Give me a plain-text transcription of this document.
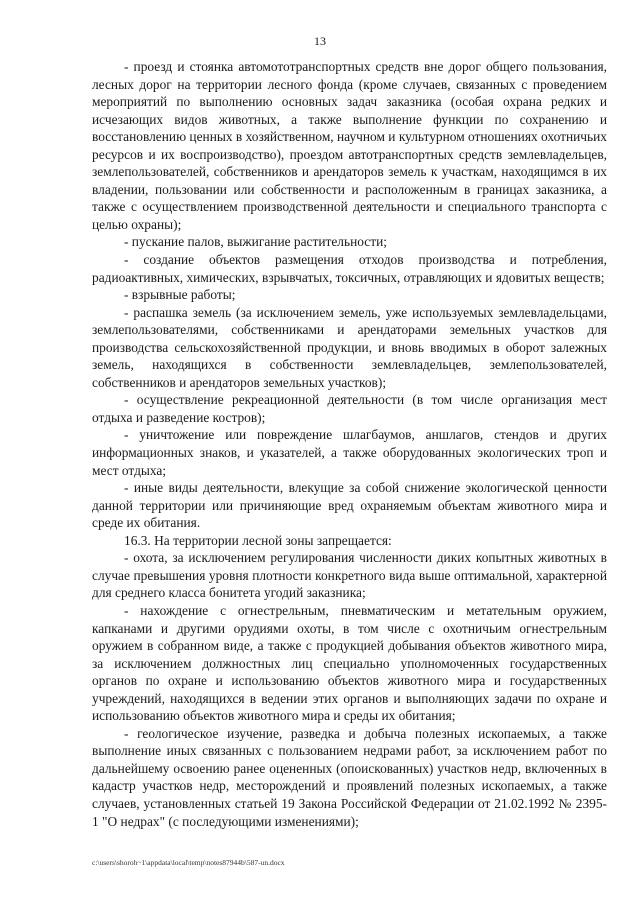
13

- проезд и стоянка автомототранспортных средств вне дорог общего пользования, лесных дорог на территории лесного фонда (кроме случаев, связанных с проведением мероприятий по выполнению основных задач заказника (особая охрана редких и исчезающих видов животных, а также выполнение функции по сохранению и восстановлению ценных в хозяйственном, научном и культурном отношениях охотничьих ресурсов и их воспроизводство), проездом автотранспортных средств землевладельцев, землепользователей, собственников и арендаторов земель к участкам, находящимся в их владении, пользовании или собственности и расположенным в границах заказника, а также с осуществлением производственной деятельности и специального транспорта с целью охраны);

- пускание палов, выжигание растительности;

- создание объектов размещения отходов производства и потребления, радиоактивных, химических, взрывчатых, токсичных, отравляющих и ядовитых веществ;

- взрывные работы;

- распашка земель (за исключением земель, уже используемых землевладельцами, землепользователями, собственниками и арендаторами земельных участков для производства сельскохозяйственной продукции, и вновь вводимых в оборот залежных земель, находящихся в собственности землевладельцев, землепользователей, собственников и арендаторов земельных участков);

- осуществление рекреационной деятельности (в том числе организация мест отдыха и разведение костров);

- уничтожение или повреждение шлагбаумов, аншлагов, стендов и других информационных знаков, и указателей, а также оборудованных экологических троп и мест отдыха;

- иные виды деятельности, влекущие за собой снижение экологической ценности данной территории или причиняющие вред охраняемым объектам животного мира и среде их обитания.

16.3. На территории лесной зоны запрещается:

- охота, за исключением регулирования численности диких копытных животных в случае превышения уровня плотности конкретного вида выше оптимальной, характерной для среднего класса бонитета угодий заказника;

- нахождение с огнестрельным, пневматическим и метательным оружием, капканами и другими орудиями охоты, в том числе с охотничьим огнестрельным оружием в собранном виде, а также с продукцией добывания объектов животного мира, за исключением должностных лиц специально уполномоченных государственных органов по охране и использованию объектов животного мира и государственных учреждений, находящихся в ведении этих органов и выполняющих задачи по охране и использованию объектов животного мира и среды их обитания;

- геологическое изучение, разведка и добыча полезных ископаемых, а также выполнение иных связанных с пользованием недрами работ, за исключением работ по дальнейшему освоению ранее оцененных (опоискованных) участков недр, включенных в кадастр участков недр, месторождений и проявлений полезных ископаемых, а также случаев, установленных статьей 19 Закона Российской Федерации от 21.02.1992 № 2395-1 "О недрах" (с последующими изменениями);

c:\users\shoroh~1\appdata\local\temp\notes87944b\587-un.docx
